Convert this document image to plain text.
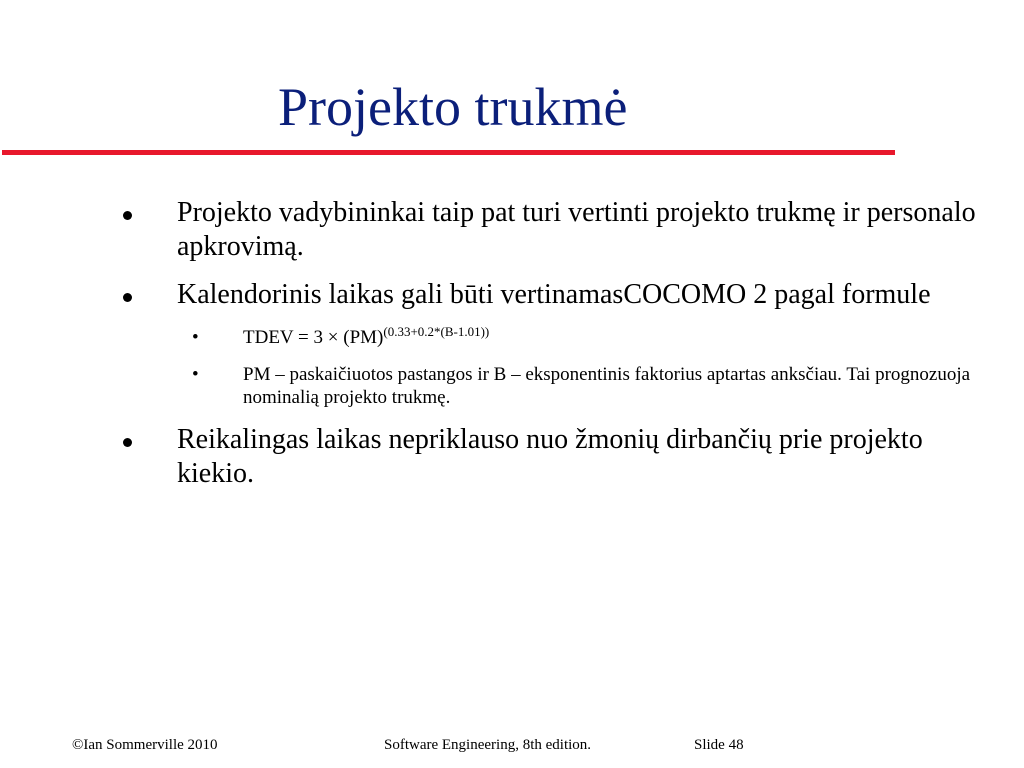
Projekto trukmė
Projekto vadybininkai taip pat turi vertinti projekto trukmę ir personalo apkrovimą.
Kalendorinis laikas gali būti vertinamasCOCOMO 2 pagal formule
• TDEV = 3 × (PM)$^{(0.33+0.2*(B-1.01))}$
• PM – paskaičiuotos pastangos ir B – eksponentinis faktorius aptartas anksčiau. Tai prognozuoja nominalią projekto trukmę.
Reikalingas laikas nepriklauso nuo žmonių dirbančių prie projekto kiekio.
©Ian Sommerville 2010	Software Engineering, 8th edition.	Slide 48
